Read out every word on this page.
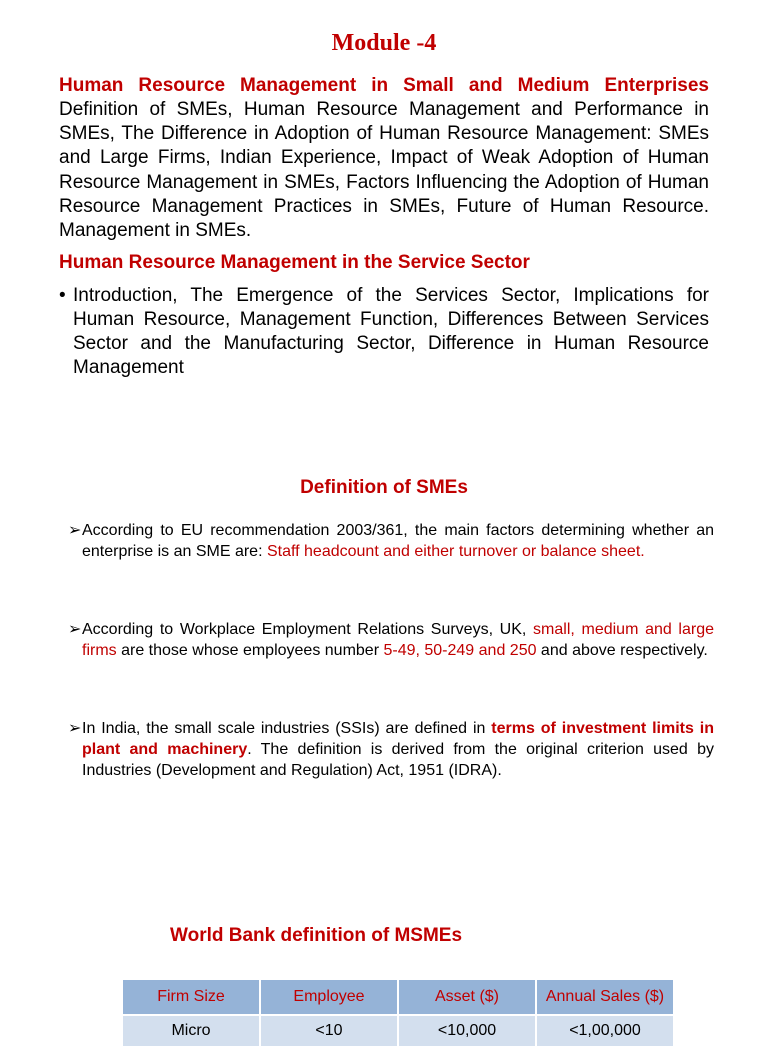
Module -4
Human Resource Management in Small and Medium Enterprises
Definition of SMEs, Human Resource Management and Performance in SMEs, The Difference in Adoption of Human Resource Management: SMEs and Large Firms, Indian Experience, Impact of Weak Adoption of Human Resource Management in SMEs, Factors Influencing the Adoption of Human Resource Management Practices in SMEs, Future of Human Resource. Management in SMEs.
Human Resource Management in the Service Sector
• Introduction, The Emergence of the Services Sector, Implications for Human Resource, Management Function, Differences Between Services Sector and the Manufacturing Sector, Difference in Human Resource Management
Definition of SMEs
➢ According to EU recommendation 2003/361, the main factors determining whether an enterprise is an SME are: Staff headcount and either turnover or balance sheet.
➢ According to Workplace Employment Relations Surveys, UK, small, medium and large firms are those whose employees number 5-49, 50-249 and 250 and above respectively.
➢ In India, the small scale industries (SSIs) are defined in terms of investment limits in plant and machinery. The definition is derived from the original criterion used by Industries (Development and Regulation) Act, 1951 (IDRA).
World Bank definition of MSMEs
Firm Size	Employee	Asset ($)	Annual Sales ($)
Micro	<10	<10,000	<1,00,000
